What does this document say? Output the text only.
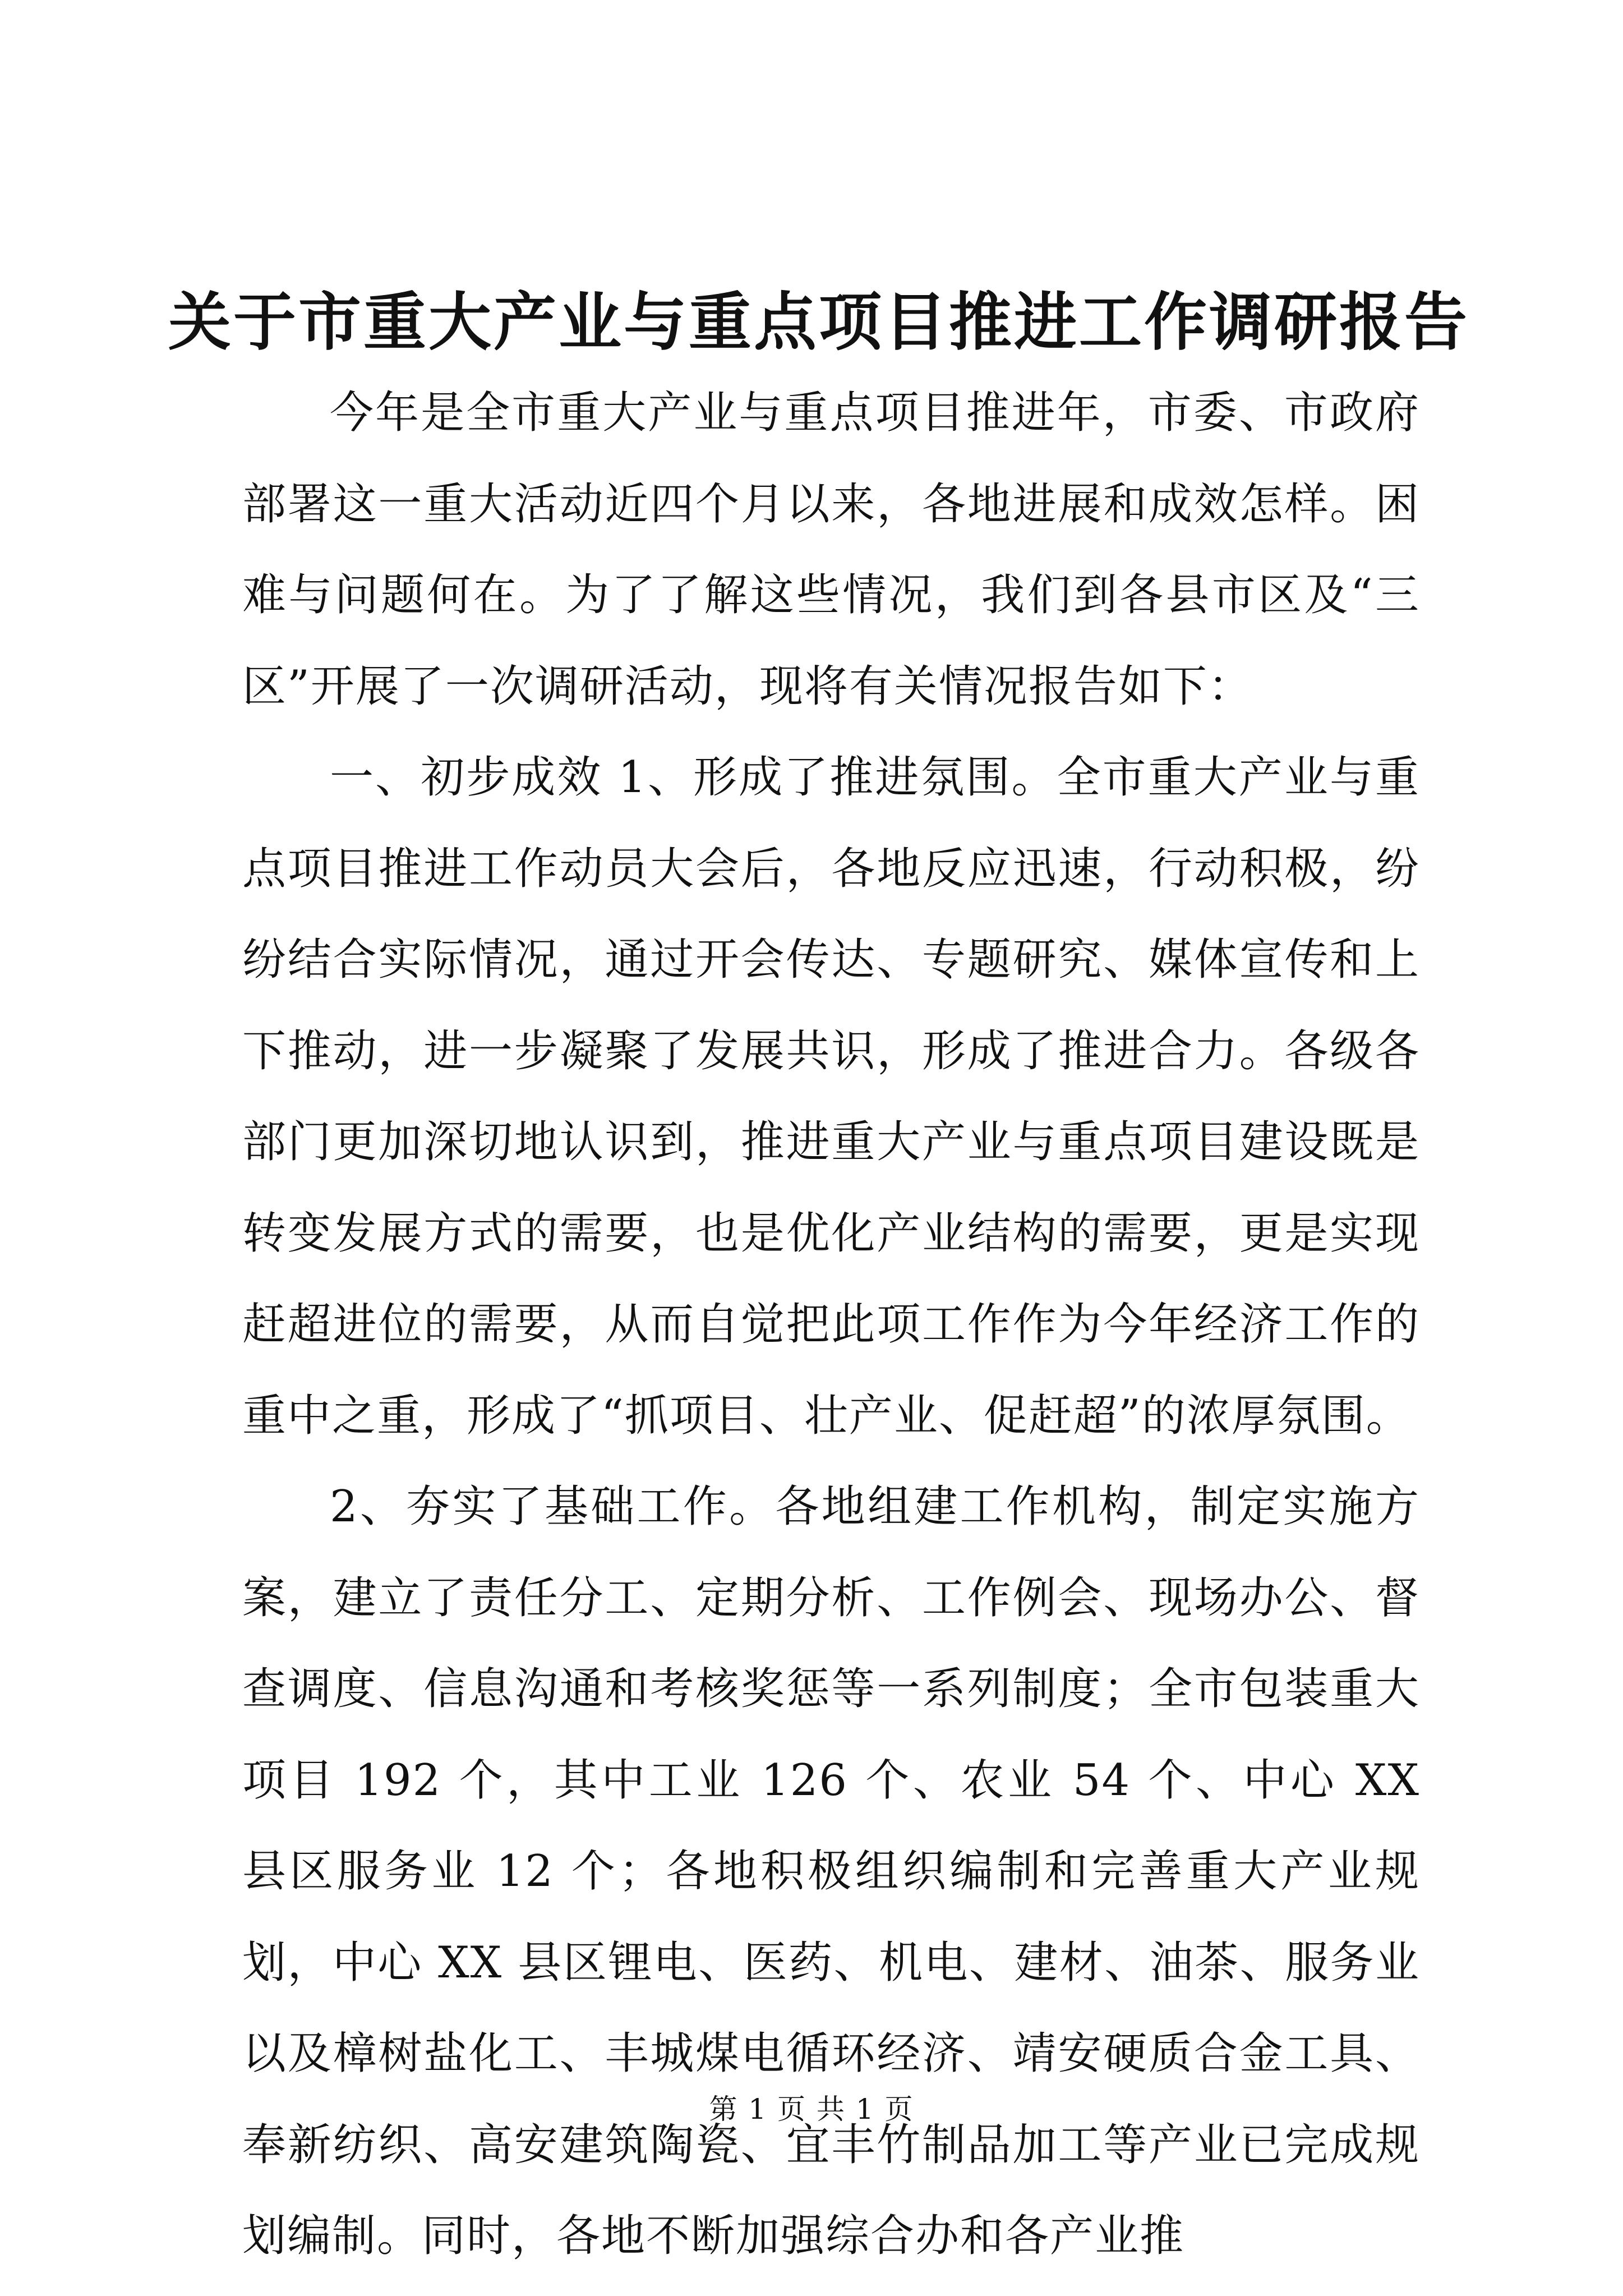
关于市重大产业与重点项目推进工作调研报告

今年是全市重大产业与重点项目推进年，市委、市政府部署这一重大活动近四个月以来，各地进展和成效怎样。困难与问题何在。为了了解这些情况，我们到各县市区及“三区”开展了一次调研活动，现将有关情况报告如下：

一、初步成效 1、形成了推进氛围。全市重大产业与重点项目推进工作动员大会后，各地反应迅速，行动积极，纷纷结合实际情况，通过开会传达、专题研究、媒体宣传和上下推动，进一步凝聚了发展共识，形成了推进合力。各级各部门更加深切地认识到，推进重大产业与重点项目建设既是转变发展方式的需要，也是优化产业结构的需要，更是实现赶超进位的需要，从而自觉把此项工作作为今年经济工作的重中之重，形成了“抓项目、壮产业、促赶超”的浓厚氛围。

2、夯实了基础工作。各地组建工作机构，制定实施方案，建立了责任分工、定期分析、工作例会、现场办公、督查调度、信息沟通和考核奖惩等一系列制度；全市包装重大项目 192 个，其中工业 126 个、农业 54 个、中心 XX 县区服务业 12 个；各地积极组织编制和完善重大产业规划，中心 XX 县区锂电、医药、机电、建材、油茶、服务业以及樟树盐化工、丰城煤电循环经济、靖安硬质合金工具、奉新纺织、高安建筑陶瓷、宜丰竹制品加工等产业已完成规划编制。同时，各地不断加强综合办和各产业推

第 1 页 共 1 页
